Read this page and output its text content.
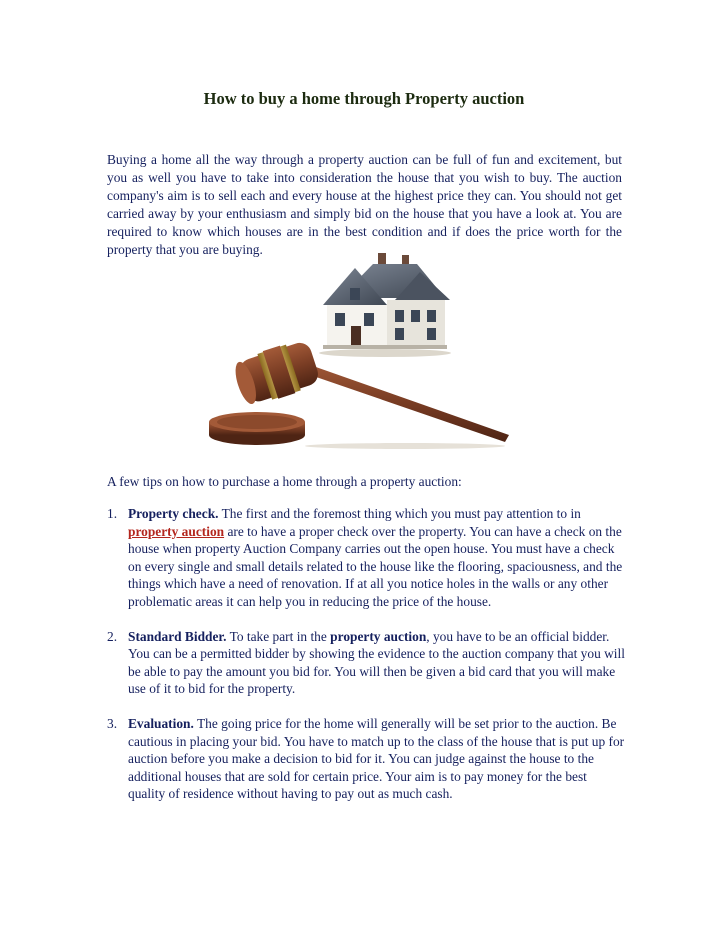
How to buy a home through Property auction

Buying a home all the way through a property auction can be full of fun and excitement, but you as well you have to take into consideration the house that you wish to buy. The auction company's aim is to sell each and every house at the highest price they can. You should not get carried away by your enthusiasm and simply bid on the house that you have a look at. You are required to know which houses are in the best condition and if does the price worth for the property that you are buying.

A few tips on how to purchase a home through a property auction:

1. Property check. The first and the foremost thing which you must pay attention to in property auction are to have a proper check over the property. You can have a check on the house when property Auction Company carries out the open house. You must have a check on every single and small details related to the house like the flooring, spaciousness, and the things which have a need of renovation. If at all you notice holes in the walls or any other problematic areas it can help you in reducing the price of the house.
2. Standard Bidder. To take part in the property auction, you have to be an official bidder. You can be a permitted bidder by showing the evidence to the auction company that you will be able to pay the amount you bid for. You will then be given a bid card that you will make use of it to bid for the property.
3. Evaluation. The going price for the home will generally will be set prior to the auction. Be cautious in placing your bid. You have to match up to the class of the house that is put up for auction before you make a decision to bid for it. You can judge against the house to the additional houses that are sold for certain price. Your aim is to pay money for the best quality of residence without having to pay out as much cash.
